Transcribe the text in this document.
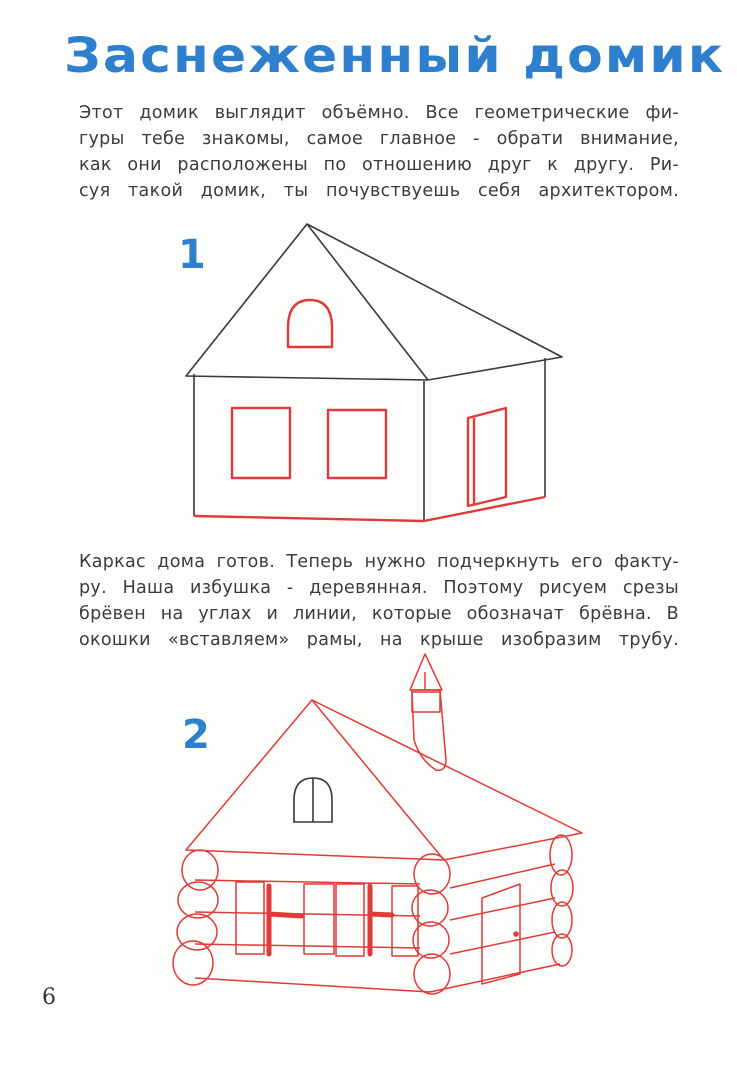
Заснеженный домик
Этот домик выглядит объёмно. Все геометрические фи-
гуры тебе знакомы, самое главное - обрати внимание,
как они расположены по отношению друг к другу. Ри-
суя такой домик, ты почувствуешь себя архитектором.
1
Каркас дома готов. Теперь нужно подчеркнуть его факту-
ру. Наша избушка - деревянная. Поэтому рисуем срезы
брёвен на углах и линии, которые обозначат брёвна. В
окошки «вставляем» рамы, на крыше изобразим трубу.
2
6
